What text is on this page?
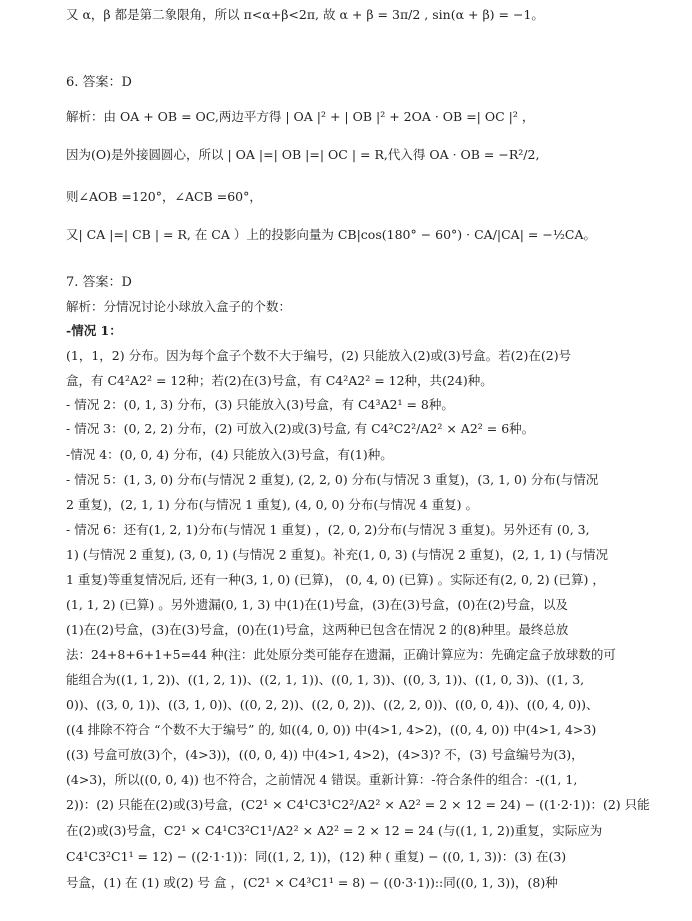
又 α，β 都是第二象限角，所以 π<α+β<2π, 故 α + β = 3π/2 , sin(α + β) = −1。
6. 答案：D
解析：由 OA + OB = OC,两边平方得 | OA |² + | OB |² + 2OA · OB =| OC |² ，
因为(O)是外接圆圆心，所以 | OA |=| OB |=| OC | = R,代入得 OA · OB = −R²/2,
则∠AOB =120°，∠ACB =60°，
又| CA |=| CB | = R, 在 CA ）上的投影向量为 CB|cos(180° − 60°) · CA/|CA| = −½CA。
7. 答案：D
解析：分情况讨论小球放入盒子的个数：
-情况 1：
(1，1，2) 分布。因为每个盒子个数不大于编号，(2) 只能放入(2)或(3)号盒。若(2)在(2)号
盒，有 C4²A2² = 12种；若(2)在(3)号盒，有 C4²A2² = 12种，共(24)种。
- 情况 2：(0, 1, 3) 分布，(3) 只能放入(3)号盒，有 C4³A2¹ = 8种。
- 情况 3：(0, 2, 2) 分布，(2) 可放入(2)或(3)号盒, 有 C4²C2²/A2² × A2² = 6种。
-情况 4：(0, 0, 4) 分布，(4) 只能放入(3)号盒，有(1)种。
- 情况 5：(1, 3, 0) 分布(与情况 2 重复), (2, 2, 0) 分布(与情况 3 重复)，(3, 1, 0) 分布(与情况
2 重复)，(2, 1, 1) 分布(与情况 1 重复), (4, 0, 0) 分布(与情况 4 重复) 。
- 情况 6：还有(1, 2, 1)分布(与情况 1 重复) ，(2, 0, 2)分布(与情况 3 重复)。另外还有 (0, 3,
1) (与情况 2 重复), (3, 0, 1) (与情况 2 重复)。补充(1, 0, 3) (与情况 2 重复)，(2, 1, 1) (与情况
1 重复)等重复情况后, 还有一种(3, 1, 0) (已算)， (0, 4, 0) (已算) 。实际还有(2, 0, 2) (已算) ，
(1, 1, 2) (已算) 。另外遗漏(0, 1, 3) 中(1)在(1)号盒，(3)在(3)号盒，(0)在(2)号盒，以及
(1)在(2)号盒，(3)在(3)号盒，(0)在(1)号盒，这两种已包含在情况 2 的(8)种里。最终总放
法：24+8+6+1+5=44 种(注：此处原分类可能存在遗漏，正确计算应为：先确定盒子放球数的可
能组合为((1, 1, 2))、((1, 2, 1))、((2, 1, 1))、((0, 1, 3))、((0, 3, 1))、((1, 0, 3))、((1, 3,
0))、((3, 0, 1))、((3, 1, 0))、((0, 2, 2))、((2, 0, 2))、((2, 2, 0))、((0, 0, 4))、((0, 4, 0))、
((4 排除不符合 “个数不大于编号” 的, 如((4, 0, 0)) 中(4>1, 4>2)，((0, 4, 0)) 中(4>1, 4>3)
((3) 号盒可放(3)个，(4>3))，((0, 0, 4)) 中(4>1, 4>2)，(4>3)? 不，(3) 号盒编号为(3)，
(4>3)，所以((0, 0, 4)) 也不符合，之前情况 4 错误。重新计算：-符合条件的组合：-((1, 1,
2))：(2) 只能在(2)或(3)号盒，(C2¹ × C4¹C3¹C2²/A2² × A2² = 2 × 12 = 24) − ((1·2·1))：(2) 只能
在(2)或(3)号盒，C2¹ × C4¹C3²C1¹/A2² × A2² = 2 × 12 = 24 (与((1, 1, 2))重复，实际应为
C4¹C3²C1¹ = 12) − ((2·1·1))：同((1, 2, 1))，(12) 种 ( 重复) − ((0, 1, 3))：(3) 在(3)
号盒，(1) 在 (1) 或(2) 号 盒 ，(C2¹ × C4³C1¹ = 8) − ((0·3·1))::同((0, 1, 3))，(8)种
